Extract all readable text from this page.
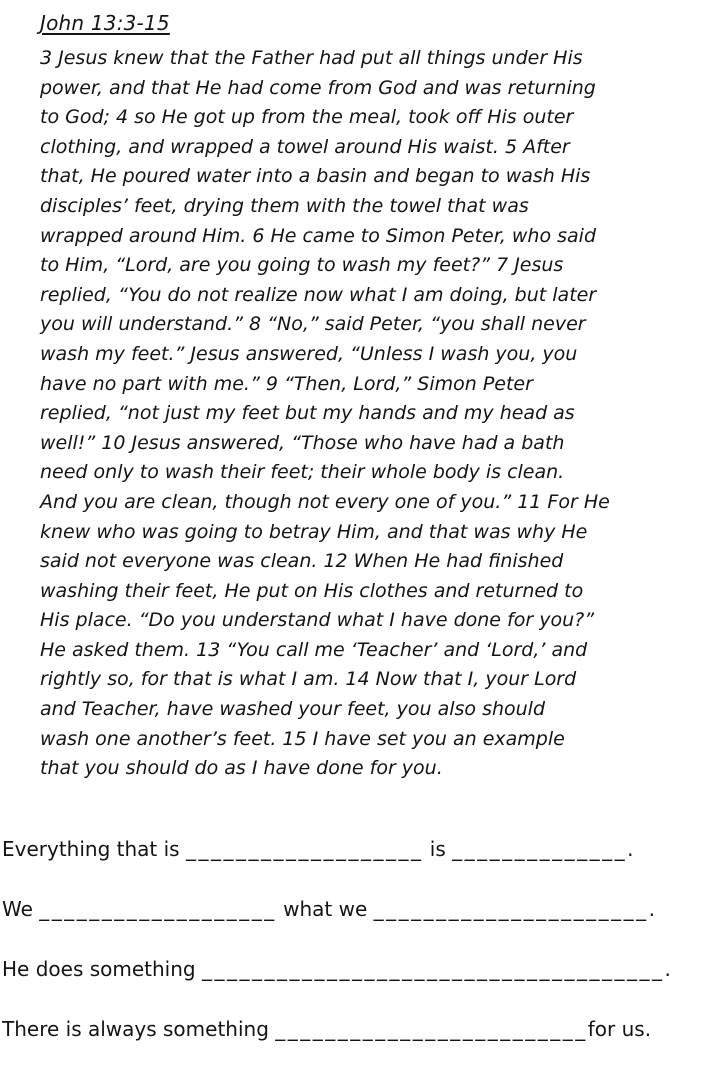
John 13:3-15
3 Jesus knew that the Father had put all things under His
power, and that He had come from God and was returning
to God; 4 so He got up from the meal, took off His outer
clothing, and wrapped a towel around His waist. 5 After
that, He poured water into a basin and began to wash His
disciples’ feet, drying them with the towel that was
wrapped around Him. 6 He came to Simon Peter, who said
to Him, “Lord, are you going to wash my feet?” 7 Jesus
replied, “You do not realize now what I am doing, but later
you will understand.” 8 “No,” said Peter, “you shall never
wash my feet.” Jesus answered, “Unless I wash you, you
have no part with me.” 9 “Then, Lord,” Simon Peter
replied, “not just my feet but my hands and my head as
well!” 10 Jesus answered, “Those who have had a bath
need only to wash their feet; their whole body is clean.
And you are clean, though not every one of you.” 11 For He
knew who was going to betray Him, and that was why He
said not everyone was clean. 12 When He had finished
washing their feet, He put on His clothes and returned to
His place. “Do you understand what I have done for you?”
He asked them. 13 “You call me ‘Teacher’ and ‘Lord,’ and
rightly so, for that is what I am. 14 Now that I, your Lord
and Teacher, have washed your feet, you also should
wash one another’s feet. 15 I have set you an example
that you should do as I have done for you.

Everything that is ___________________ is ______________.

We ___________________ what we ______________________.

He does something _____________________________________.

There is always something _________________________for us.
